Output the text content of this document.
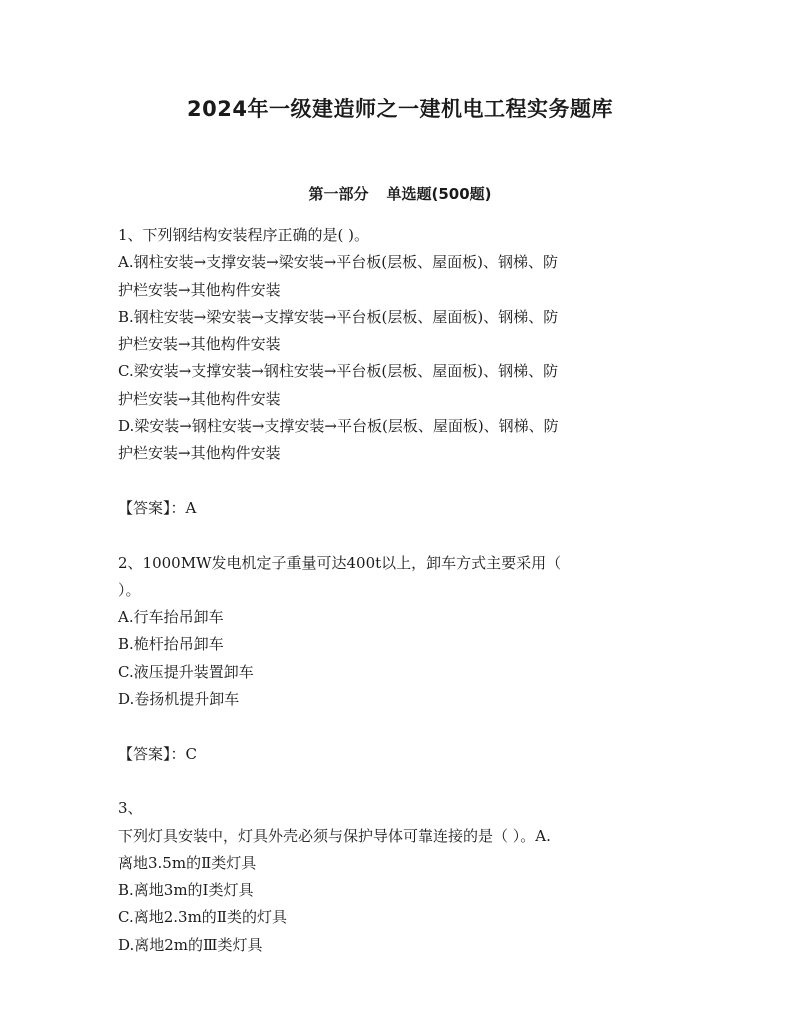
2024年一级建造师之一建机电工程实务题库
第一部分 单选题(500题)
1、下列钢结构安装程序正确的是( )。
A.钢柱安装→支撑安装→梁安装→平台板(层板、屋面板)、钢梯、防
护栏安装→其他构件安装
B.钢柱安装→梁安装→支撑安装→平台板(层板、屋面板)、钢梯、防
护栏安装→其他构件安装
C.梁安装→支撑安装→钢柱安装→平台板(层板、屋面板)、钢梯、防
护栏安装→其他构件安装
D.梁安装→钢柱安装→支撑安装→平台板(层板、屋面板)、钢梯、防
护栏安装→其他构件安装
【答案】：A
2、1000MW发电机定子重量可达400t以上，卸车方式主要采用（
）。
A.行车抬吊卸车
B.桅杆抬吊卸车
C.液压提升装置卸车
D.卷扬机提升卸车
【答案】：C
3、
下列灯具安装中，灯具外壳必须与保护导体可靠连接的是（ ）。A.
离地3.5m的Ⅱ类灯具
B.离地3m的Ⅰ类灯具
C.离地2.3m的Ⅱ类的灯具
D.离地2m的Ⅲ类灯具
